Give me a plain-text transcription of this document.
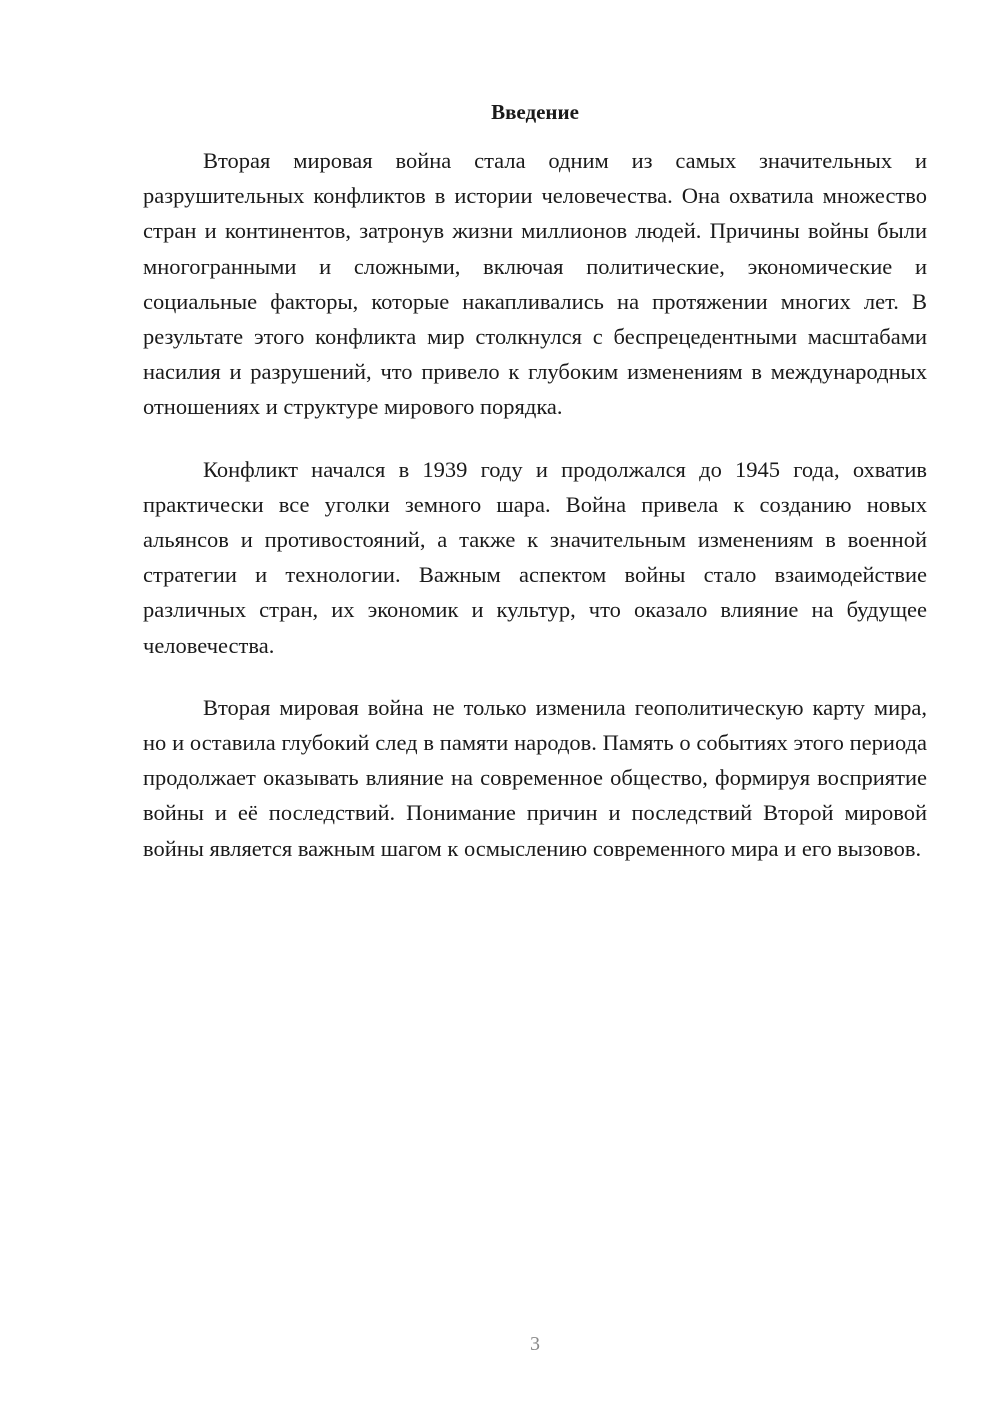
Введение

Вторая мировая война стала одним из самых значительных и разрушительных конфликтов в истории человечества. Она охватила множество стран и континентов, затронув жизни миллионов людей. Причины войны были многогранными и сложными, включая политические, экономические и социальные факторы, которые накапливались на протяжении многих лет. В результате этого конфликта мир столкнулся с беспрецедентными масштабами насилия и разрушений, что привело к глубоким изменениям в международных отношениях и структуре мирового порядка.

Конфликт начался в 1939 году и продолжался до 1945 года, охватив практически все уголки земного шара. Война привела к созданию новых альянсов и противостояний, а также к значительным изменениям в военной стратегии и технологии. Важным аспектом войны стало взаимодействие различных стран, их экономик и культур, что оказало влияние на будущее человечества.

Вторая мировая война не только изменила геополитическую карту мира, но и оставила глубокий след в памяти народов. Память о событиях этого периода продолжает оказывать влияние на современное общество, формируя восприятие войны и её последствий. Понимание причин и последствий Второй мировой войны является важным шагом к осмыслению современного мира и его вызовов.

3
